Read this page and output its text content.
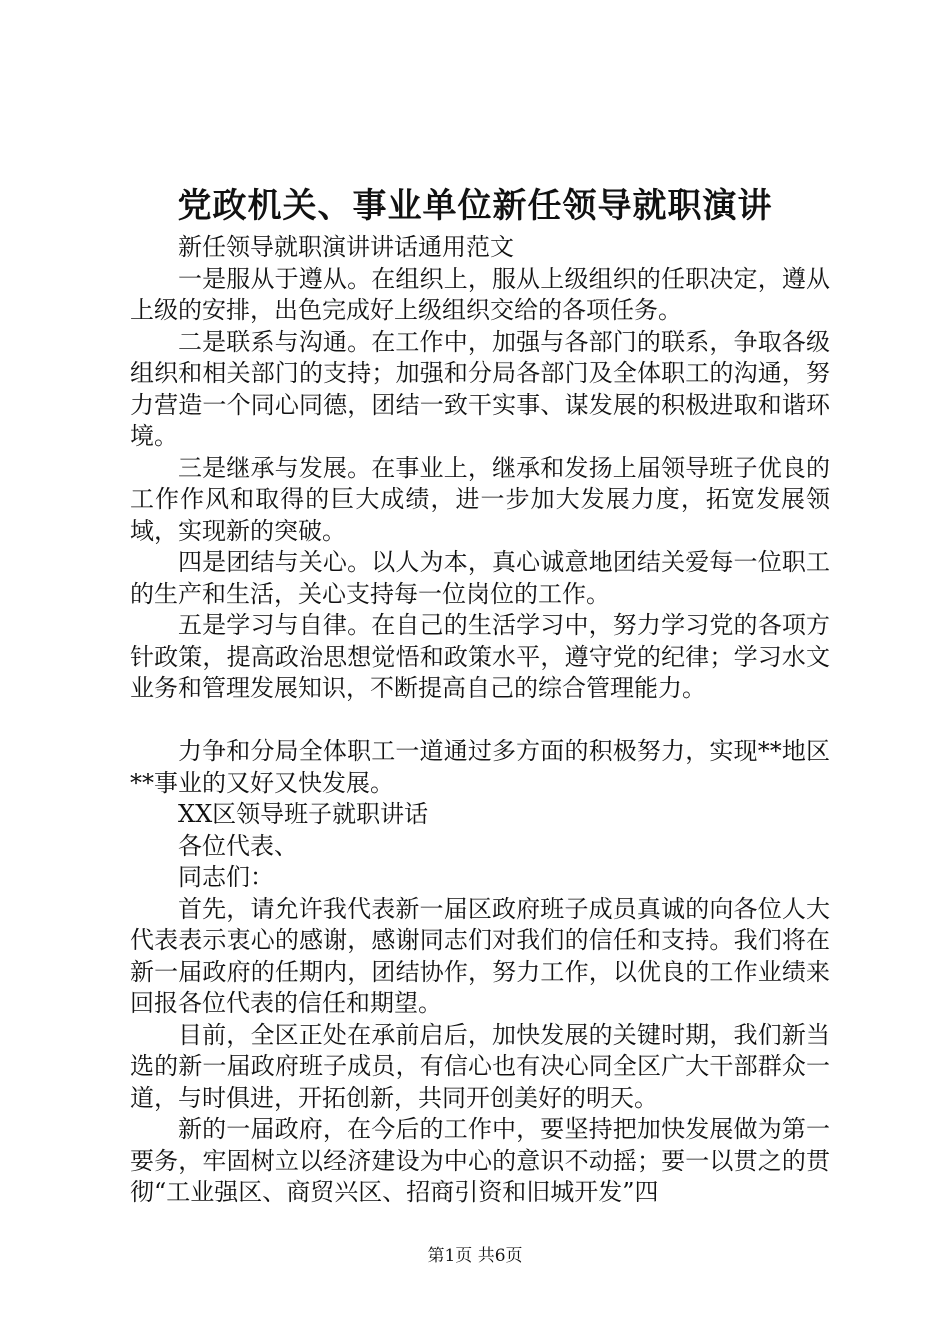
党政机关、事业单位新任领导就职演讲

新任领导就职演讲讲话通用范文

一是服从于遵从。在组织上，服从上级组织的任职决定，遵从上级的安排，出色完成好上级组织交给的各项任务。

二是联系与沟通。在工作中，加强与各部门的联系，争取各级组织和相关部门的支持；加强和分局各部门及全体职工的沟通，努力营造一个同心同德，团结一致干实事、谋发展的积极进取和谐环境。

三是继承与发展。在事业上，继承和发扬上届领导班子优良的工作作风和取得的巨大成绩，进一步加大发展力度，拓宽发展领域，实现新的突破。

四是团结与关心。以人为本，真心诚意地团结关爱每一位职工的生产和生活，关心支持每一位岗位的工作。

五是学习与自律。在自己的生活学习中，努力学习党的各项方针政策，提高政治思想觉悟和政策水平，遵守党的纪律；学习水文业务和管理发展知识，不断提高自己的综合管理能力。

力争和分局全体职工一道通过多方面的积极努力，实现**地区**事业的又好又快发展。

XX区领导班子就职讲话

各位代表、

同志们：

首先，请允许我代表新一届区政府班子成员真诚的向各位人大代表表示衷心的感谢，感谢同志们对我们的信任和支持。我们将在新一届政府的任期内，团结协作，努力工作，以优良的工作业绩来回报各位代表的信任和期望。

目前，全区正处在承前启后，加快发展的关键时期，我们新当选的新一届政府班子成员，有信心也有决心同全区广大干部群众一道，与时俱进，开拓创新，共同开创美好的明天。

新的一届政府，在今后的工作中，要坚持把加快发展做为第一要务，牢固树立以经济建设为中心的意识不动摇；要一以贯之的贯彻“工业强区、商贸兴区、招商引资和旧城开发”四

第1页 共6页
